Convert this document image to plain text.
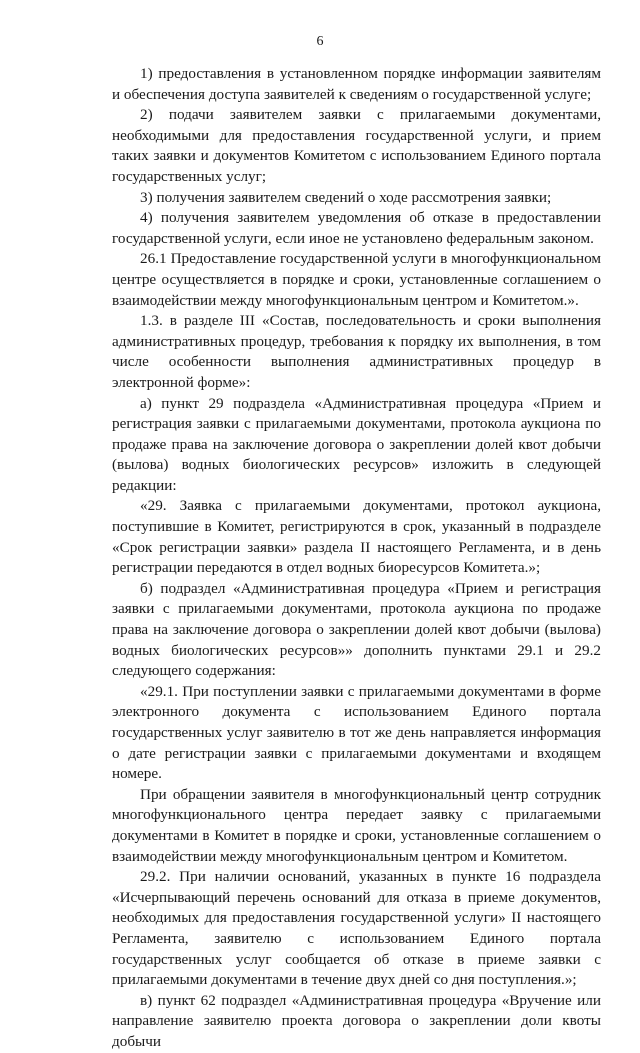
6

1) предоставления в установленном порядке информации заявителям и обеспечения доступа заявителей к сведениям о государственной услуге;

2) подачи заявителем заявки с прилагаемыми документами, необходимыми для предоставления государственной услуги, и прием таких заявки и документов Комитетом с использованием Единого портала государственных услуг;

3) получения заявителем сведений о ходе рассмотрения заявки;

4) получения заявителем уведомления об отказе в предоставлении государственной услуги, если иное не установлено федеральным законом.

26.1 Предоставление государственной услуги в многофункциональном центре осуществляется в порядке и сроки, установленные соглашением о взаимодействии между многофункциональным центром и Комитетом.».

1.3. в разделе III «Состав, последовательность и сроки выполнения административных процедур, требования к порядку их выполнения, в том числе особенности выполнения административных процедур в электронной форме»:

а) пункт 29 подраздела «Административная процедура «Прием и регистрация заявки с прилагаемыми документами, протокола аукциона по продаже права на заключение договора о закреплении долей квот добычи (вылова) водных биологических ресурсов» изложить в следующей редакции:

«29. Заявка с прилагаемыми документами, протокол аукциона, поступившие в Комитет, регистрируются в срок, указанный в подразделе «Срок регистрации заявки» раздела II настоящего Регламента, и в день регистрации передаются в отдел водных биоресурсов Комитета.»;

б) подраздел «Административная процедура «Прием и регистрация заявки с прилагаемыми документами, протокола аукциона по продаже права на заключение договора о закреплении долей квот добычи (вылова) водных биологических ресурсов»» дополнить пунктами 29.1 и 29.2 следующего содержания:

«29.1. При поступлении заявки с прилагаемыми документами в форме электронного документа с использованием Единого портала государственных услуг заявителю в тот же день направляется информация о дате регистрации заявки с прилагаемыми документами и входящем номере.

При обращении заявителя в многофункциональный центр сотрудник многофункционального центра передает заявку с прилагаемыми документами в Комитет в порядке и сроки, установленные соглашением о взаимодействии между многофункциональным центром и Комитетом.

29.2. При наличии оснований, указанных в пункте 16 подраздела «Исчерпывающий перечень оснований для отказа в приеме документов, необходимых для предоставления государственной услуги» II настоящего Регламента, заявителю с использованием Единого портала государственных услуг сообщается об отказе в приеме заявки с прилагаемыми документами в течение двух дней со дня поступления.»;

в) пункт 62 подраздел «Административная процедура «Вручение или направление заявителю проекта договора о закреплении доли квоты добычи
